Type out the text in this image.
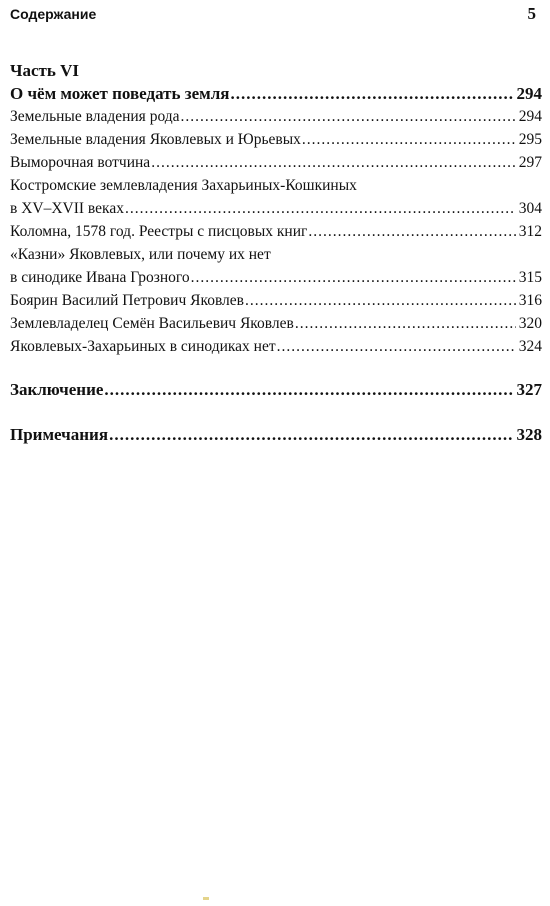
Содержание	5
Часть VI
О чём может поведать земля .....	294
Земельные владения рода .....	294
Земельные владения Яковлевых и Юрьевых .....	295
Выморочная вотчина .....	297
Костромские землевладения Захарьиных-Кошкиных
в XV–XVII веках .....	304
Коломна, 1578 год. Реестры с писцовых книг .....	312
«Казни» Яковлевых, или почему их нет
в синодике Ивана Грозного .....	315
Боярин Василий Петрович Яковлев .....	316
Землевладелец Семён Васильевич Яковлев .....	320
Яковлевых-Захарьиных в синодиках нет .....	324
Заключение .....	327
Примечания .....	328
